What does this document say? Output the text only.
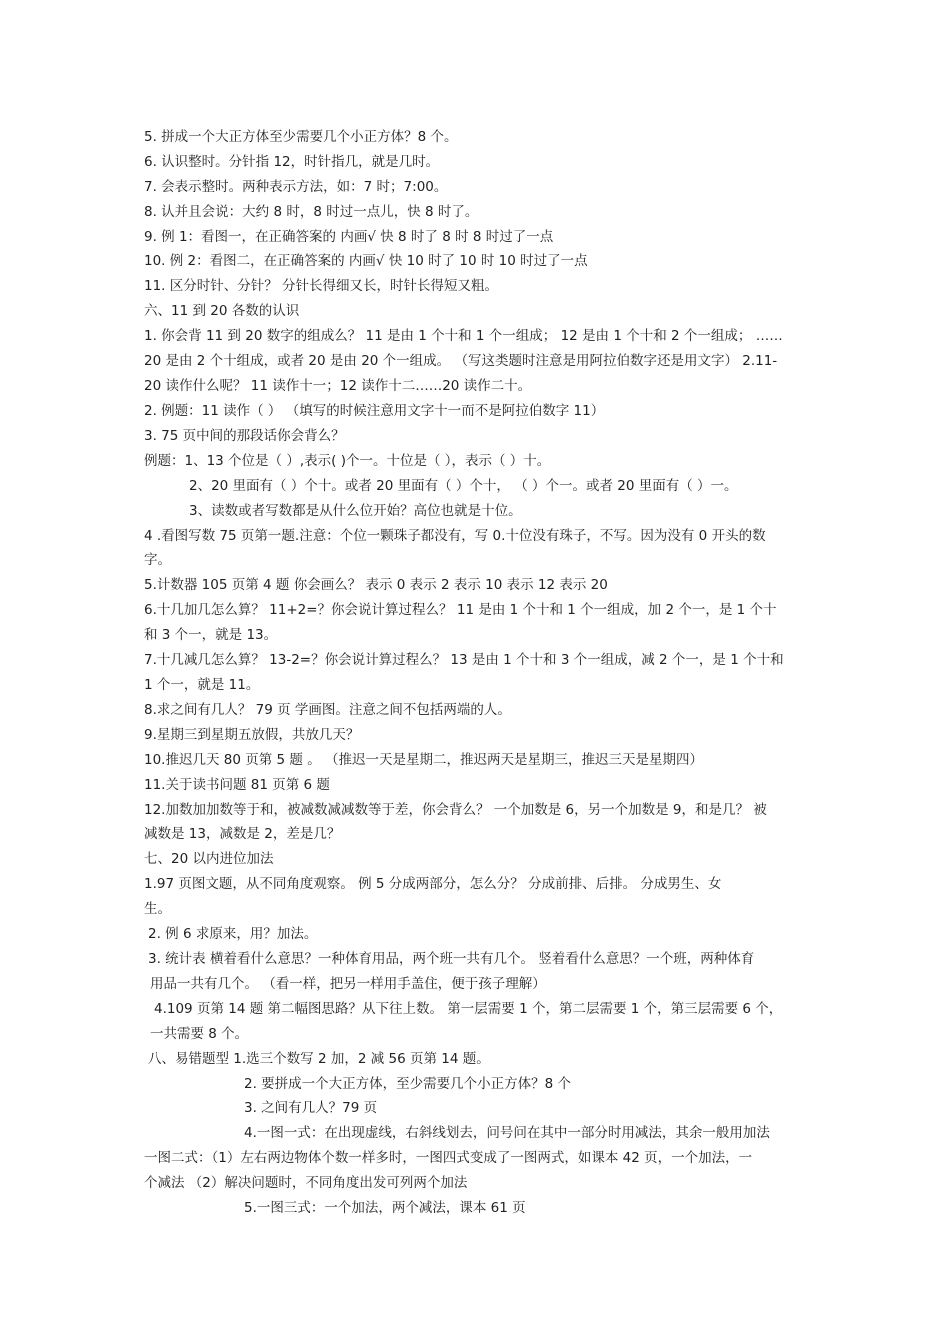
5. 拼成一个大正方体至少需要几个小正方体？8 个。
6. 认识整时。分针指 12，时针指几，就是几时。
7. 会表示整时。两种表示方法，如：7 时；7:00。
8. 认并且会说：大约 8 时，8 时过一点儿，快 8 时了。
9. 例 1：看图一，在正确答案的 内画√ 快 8 时了 8 时 8 时过了一点
10. 例 2：看图二，在正确答案的 内画√ 快 10 时了 10 时 10 时过了一点
11. 区分时针、分针？ 分针长得细又长，时针长得短又粗。
六、11 到 20 各数的认识
1. 你会背 11 到 20 数字的组成么？ 11 是由 1 个十和 1 个一组成； 12 是由 1 个十和 2 个一组成； ……
20 是由 2 个十组成，或者 20 是由 20 个一组成。 （写这类题时注意是用阿拉伯数字还是用文字） 2.11-
20 读作什么呢？ 11 读作十一；12 读作十二……20 读作二十。
2. 例题：11 读作（ ） （填写的时候注意用文字十一而不是阿拉伯数字 11）
3. 75 页中间的那段话你会背么？
例题：1、13 个位是（ ）,表示( )个一。十位是（ ），表示（ ）十。
2、20 里面有（ ）个十。或者 20 里面有（ ）个十， （ ）个一。或者 20 里面有（ ）一。
3、读数或者写数都是从什么位开始？高位也就是十位。
4 .看图写数 75 页第一题.注意：个位一颗珠子都没有，写 0.十位没有珠子，不写。因为没有 0 开头的数
字。
5.计数器 105 页第 4 题 你会画么？ 表示 0 表示 2 表示 10 表示 12 表示 20
6.十几加几怎么算？ 11+2=？你会说计算过程么？ 11 是由 1 个十和 1 个一组成，加 2 个一，是 1 个十
和 3 个一，就是 13。
7.十几减几怎么算？ 13-2=？你会说计算过程么？ 13 是由 1 个十和 3 个一组成，减 2 个一，是 1 个十和
1 个一，就是 11。
8.求之间有几人？ 79 页 学画图。注意之间不包括两端的人。
9.星期三到星期五放假，共放几天？
10.推迟几天 80 页第 5 题 。 （推迟一天是星期二，推迟两天是星期三，推迟三天是星期四）
11.关于读书问题 81 页第 6 题
12.加数加加数等于和，被减数减减数等于差，你会背么？ 一个加数是 6，另一个加数是 9，和是几？ 被
减数是 13，减数是 2，差是几？
七、20 以内进位加法
1.97 页图文题，从不同角度观察。 例 5 分成两部分，怎么分？ 分成前排、后排。 分成男生、女
生。
2. 例 6 求原来，用？加法。
3. 统计表 横着看什么意思？一种体育用品，两个班一共有几个。 竖着看什么意思？一个班，两种体育
用品一共有几个。 （看一样，把另一样用手盖住，便于孩子理解）
4.109 页第 14 题 第二幅图思路？从下往上数。 第一层需要 1 个，第二层需要 1 个，第三层需要 6 个，
一共需要 8 个。
八、易错题型 1.选三个数写 2 加，2 减 56 页第 14 题。
2. 要拼成一个大正方体，至少需要几个小正方体？8 个
3. 之间有几人？79 页
4.一图一式：在出现虚线，右斜线划去，问号问在其中一部分时用减法，其余一般用加法
一图二式：（1）左右两边物体个数一样多时，一图四式变成了一图两式，如课本 42 页，一个加法，一
个减法 （2）解决问题时，不同角度出发可列两个加法
5.一图三式：一个加法，两个减法，课本 61 页
